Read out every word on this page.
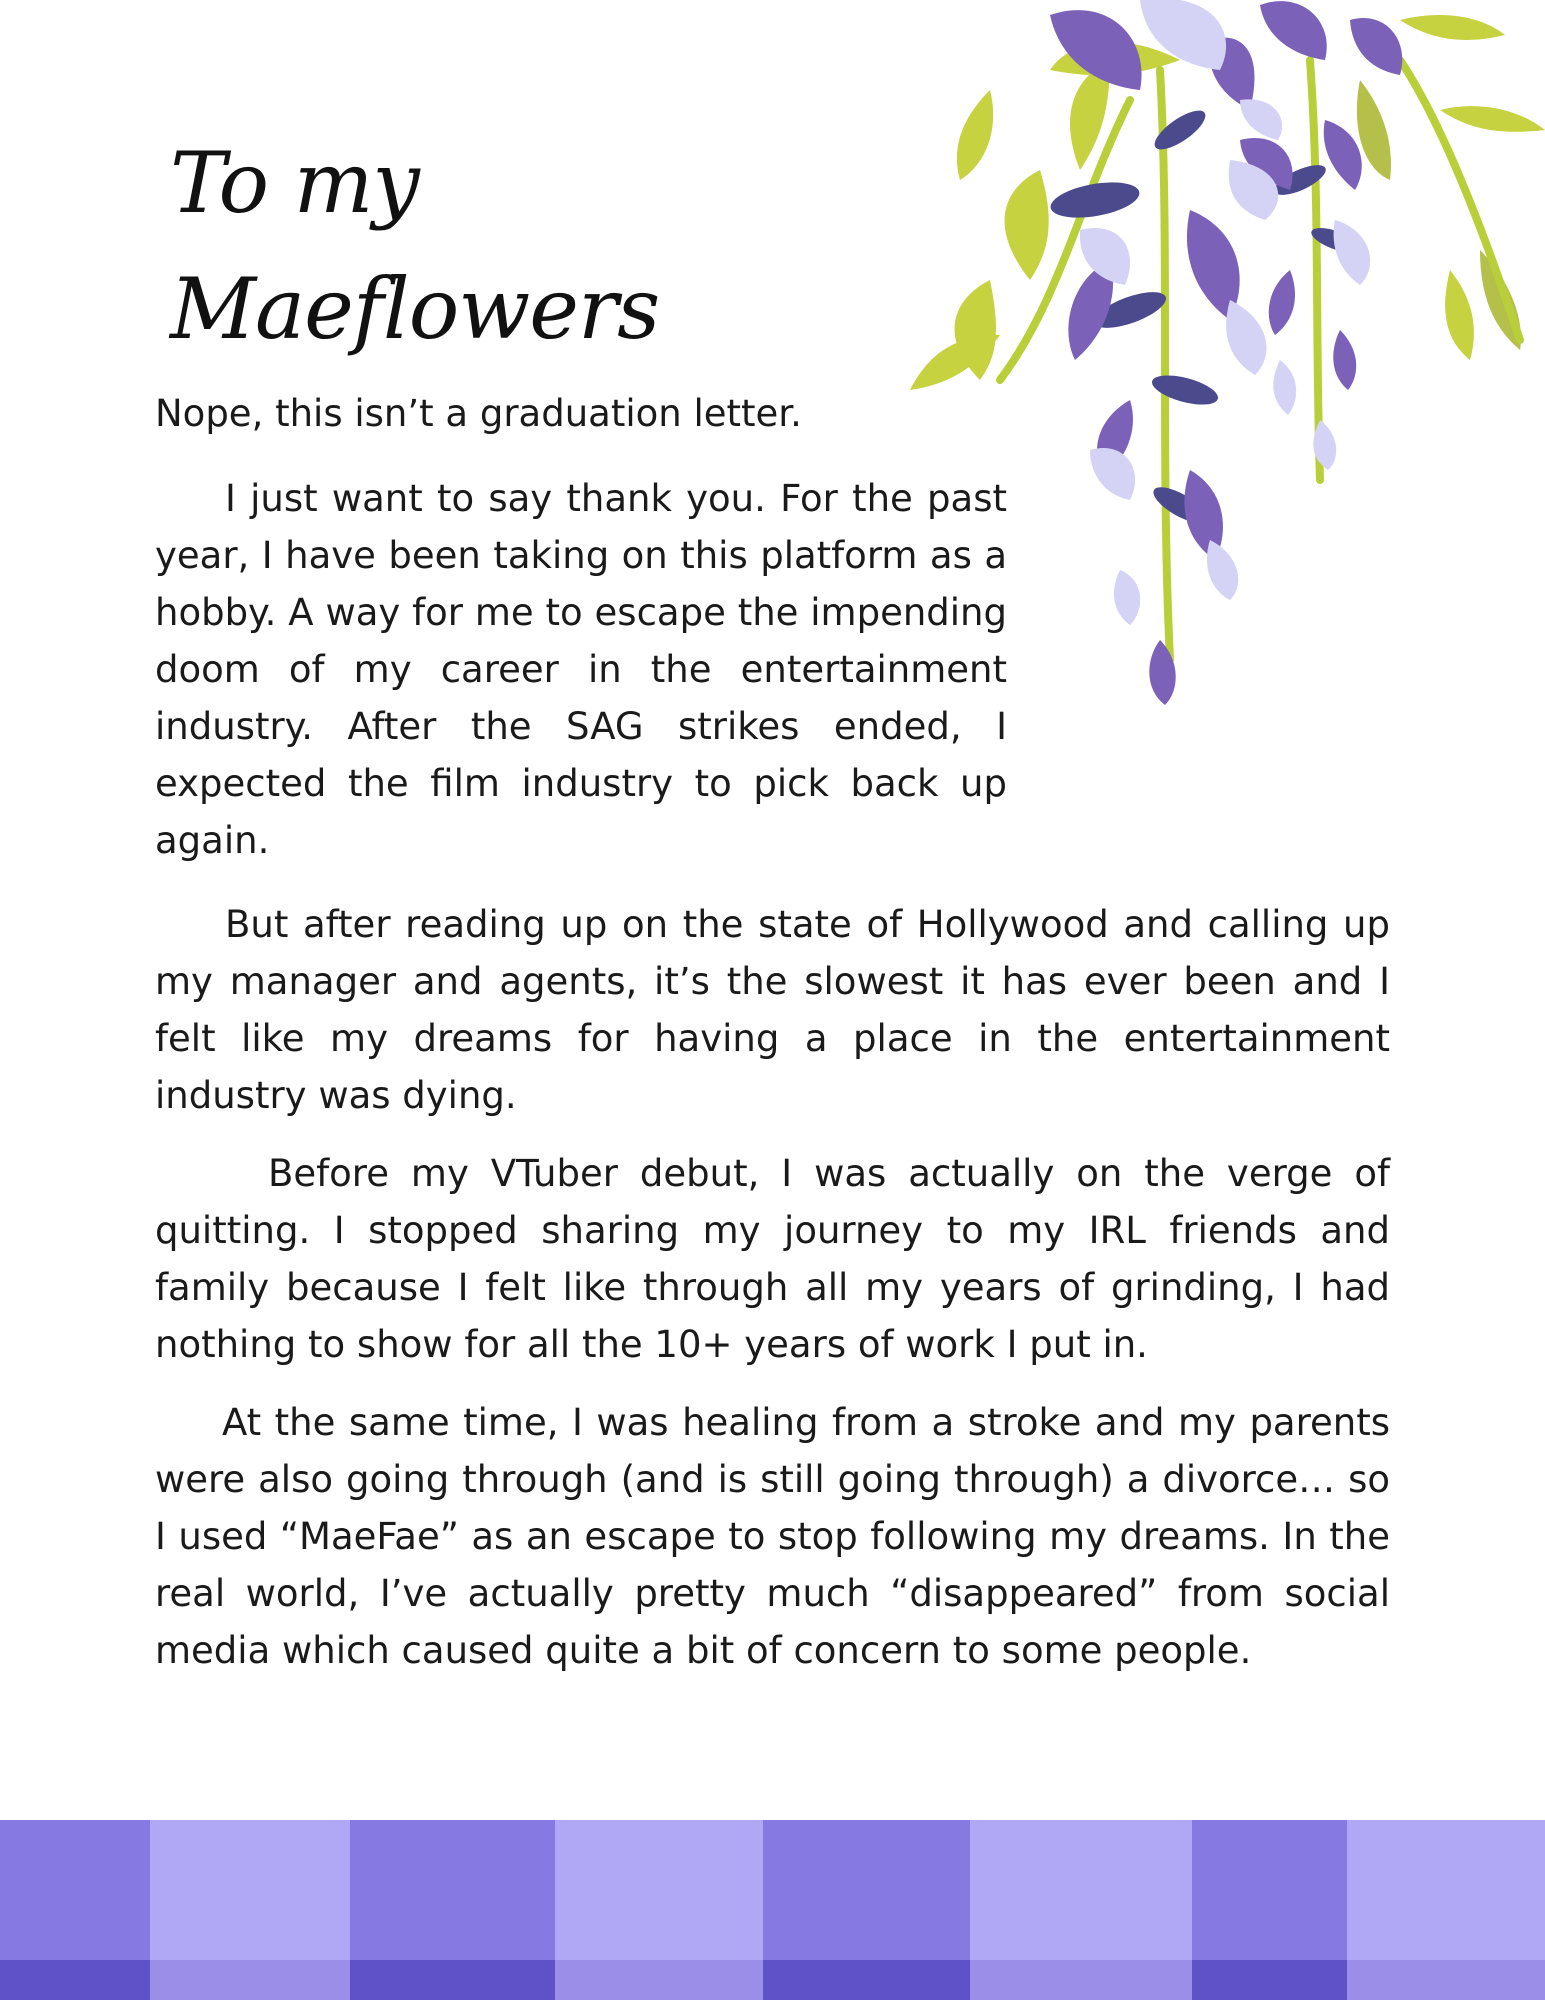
To my
Maeflowers

Nope, this isn’t a graduation letter.

I just want to say thank you. For the past year, I have been taking on this platform as a hobby. A way for me to escape the impending doom of my career in the entertainment industry. After the SAG strikes ended, I expected the film industry to pick back up again.

But after reading up on the state of Hollywood and calling up my manager and agents, it’s the slowest it has ever been and I felt like my dreams for having a place in the entertainment industry was dying.

Before my VTuber debut, I was actually on the verge of quitting. I stopped sharing my journey to my IRL friends and family because I felt like through all my years of grinding, I had nothing to show for all the 10+ years of work I put in.

At the same time, I was healing from a stroke and my parents were also going through (and is still going through) a divorce… so I used “MaeFae” as an escape to stop following my dreams. In the real world, I’ve actually pretty much “disappeared” from social media which caused quite a bit of concern to some people.
